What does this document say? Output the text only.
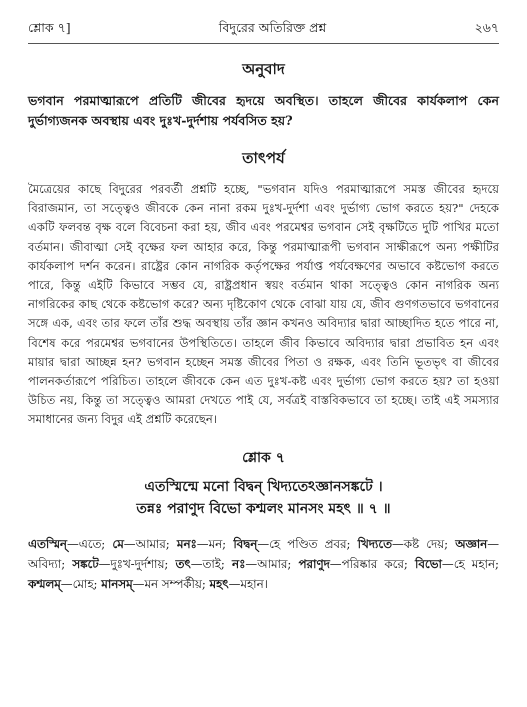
শ্লোক ৭]	বিদুরের অতিরিক্ত প্রশ্ন	২৬৭
অনুবাদ
ভগবান পরমাত্মারূপে প্রতিটি জীবের হৃদয়ে অবস্থিত। তাহলে জীবের কার্যকলাপ কেন দুর্ভাগ্যজনক অবস্থায় এবং দুঃখ-দুর্দশায় পর্যবসিত হয়?
তাৎপর্য

মৈত্রেয়ের কাছে বিদুরের পরবর্তী প্রশ্নটি হচ্ছে, "ভগবান যদিও পরমাত্মারূপে সমস্ত জীবের হৃদয়ে বিরাজমান, তা সত্ত্বেও জীবকে কেন নানা রকম দুঃখ-দুর্দশা এবং দুর্ভাগ্য ভোগ করতে হয়?" দেহকে একটি ফলবন্ত বৃক্ষ বলে বিবেচনা করা হয়, জীব এবং পরমেশ্বর ভগবান সেই বৃক্ষটিতে দুটি পাখির মতো বর্তমান। জীবাত্মা সেই বৃক্ষের ফল আহার করে, কিন্তু পরমাত্মারূপী ভগবান সাক্ষীরূপে অন্য পক্ষীটির কার্যকলাপ দর্শন করেন। রাষ্ট্রের কোন নাগরিক কর্তৃপক্ষের পর্যাপ্ত পর্যবেক্ষণের অভাবে কষ্টভোগ করতে পারে, কিন্তু এইটি কিভাবে সম্ভব যে, রাষ্ট্রপ্রধান স্বয়ং বর্তমান থাকা সত্ত্বেও কোন নাগরিক অন্য নাগরিকের কাছ থেকে কষ্টভোগ করে? অন্য দৃষ্টিকোণ থেকে বোঝা যায় যে, জীব গুণগতভাবে ভগবানের সঙ্গে এক, এবং তার ফলে তাঁর শুদ্ধ অবস্থায় তাঁর জ্ঞান কখনও অবিদ্যার দ্বারা আচ্ছাদিত হতে পারে না, বিশেষ করে পরমেশ্বর ভগবানের উপস্থিতিতে। তাহলে জীব কিভাবে অবিদ্যার দ্বারা প্রভাবিত হন এবং মায়ার দ্বারা আচ্ছন্ন হন? ভগবান হচ্ছেন সমস্ত জীবের পিতা ও রক্ষক, এবং তিনি ভূতভৃৎ বা জীবের পালনকর্তারূপে পরিচিত। তাহলে জীবকে কেন এত দুঃখ-কষ্ট এবং দুর্ভাগ্য ভোগ করতে হয়? তা হওয়া উচিত নয়, কিন্তু তা সত্ত্বেও আমরা দেখতে পাই যে, সর্বত্রই বাস্তবিকভাবে তা হচ্ছে। তাই এই সমস্যার সমাধানের জন্য বিদুর এই প্রশ্নটি করেছেন।

শ্লোক ৭
এতস্মিন্মে মনো বিদ্বন্ খিদ্যতেঽজ্ঞানসঙ্কটে ।
তন্নঃ পরাণুদ বিভো কশ্মলং মানসং মহৎ ॥ ৭ ॥
এতস্মিন্—এতে; মে—আমার; মনঃ—মন; বিদ্বন্—হে পণ্ডিত প্রবর; খিদ্যতে—কষ্ট দেয়; অজ্ঞান—অবিদ্যা; সঙ্কটে—দুঃখ-দুর্দশায়; তৎ—তাই; নঃ—আমার; পরাণুদ—পরিষ্কার করে; বিভো—হে মহান; কশ্মলম্—মোহ; মানসম্—মন সম্পর্কীয়; মহৎ—মহান।
